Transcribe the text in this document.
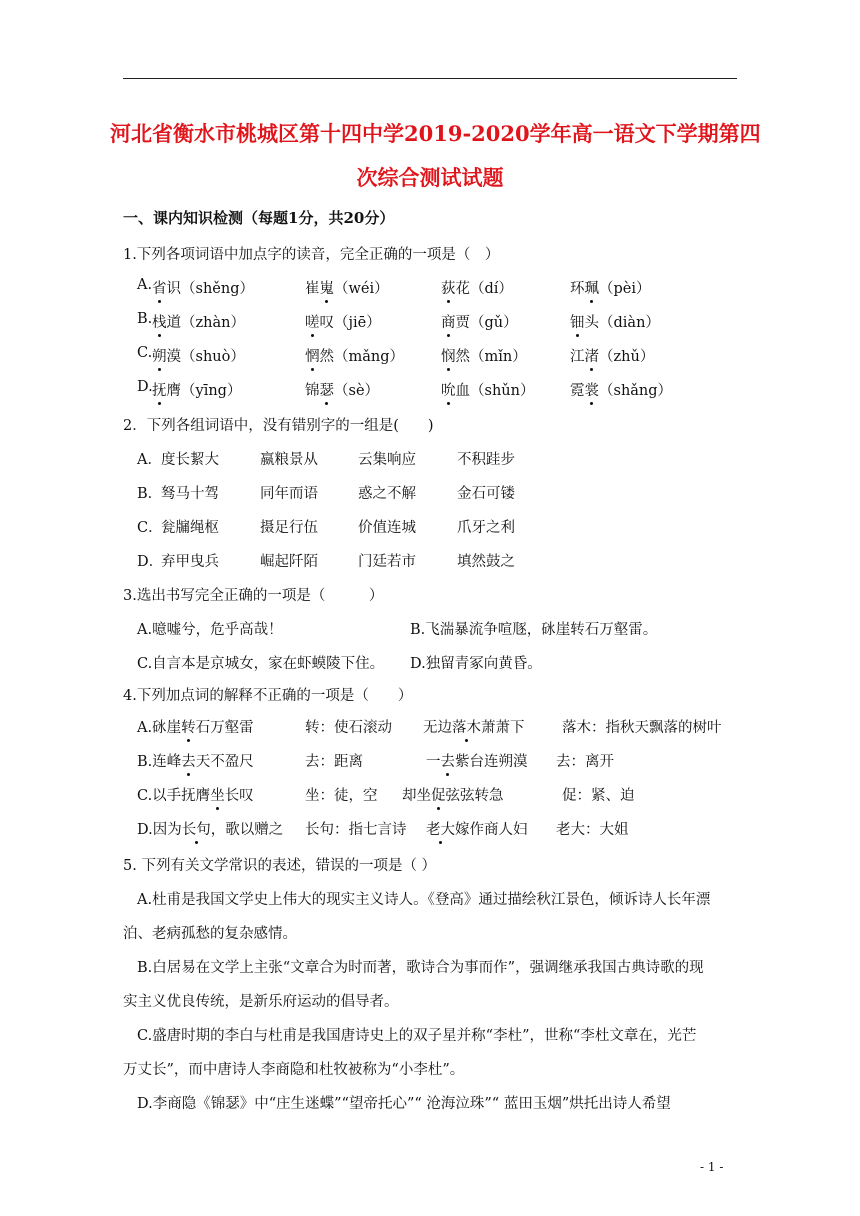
河北省衡水市桃城区第十四中学2019-2020学年高一语文下学期第四
次综合测试试题
一、课内知识检测（每题1分，共20分）
1.下列各项词语中加点字的读音，完全正确的一项是（　）
A. 省识（shěng）	崔嵬（wéi）	荻花（dí）	环珮（pèi）
B. 栈道（zhàn）	嗟叹（jiē）	商贾（gǔ）	钿头（diàn）
C. 朔漠（shuò）	惘然（mǎng）	悯然（mǐn）	江渚（zhǔ）
D. 抚膺（yīng）	锦瑟（sè）	吮血（shǔn） 霓裳（shǎng）
2．下列各组词语中，没有错别字的一组是(　　)
A． 度长絜大	嬴粮景从	云集响应	不积跬步
B．
驽马十驾	同年而语	惑之不解	金石可镂
C．
瓮牖绳枢	摄足行伍	价值连城	爪牙之利
D．
弃甲曳兵	崛起阡陌	门廷若市	填然鼓之
3.选出书写完全正确的一项是（　　　）
A.噫嘘兮，危乎高哉！	B.飞湍暴流争喧豗，砯崖转石万壑雷。
C.自言本是京城女，家在虾蟆陵下住。 D.独留青冢向黄昏。
4.下列加点词的解释不正确的一项是（　　）
A.砯崖转石万壑雷	转：使石滚动 无边落木萧萧下	落木：指秋天飘落的树叶
B.连峰去天不盈尺	去：距离	一去紫台连朔漠 去：离开
C.以手抚膺坐长叹	坐：徒，空 却坐促弦弦转急	促：紧、迫
D.因为长句，歌以赠之 长句：指七言诗 老大嫁作商人妇 老大：大姐
5. 下列有关文学常识的表述，错误的一项是（ ）
A.杜甫是我国文学史上伟大的现实主义诗人。《登高》通过描绘秋江景色，倾诉诗人长年漂
泊、老病孤愁的复杂感情。
B.白居易在文学上主张“文章合为时而著，歌诗合为事而作”，强调继承我国古典诗歌的现
实主义优良传统，是新乐府运动的倡导者。
C.盛唐时期的李白与杜甫是我国唐诗史上的双子星并称“李杜”，世称“李杜文章在，光芒
万丈长”，而中唐诗人李商隐和杜牧被称为“小李杜”。
D.李商隐《锦瑟》中“庄生迷蝶”“望帝托心”“ 沧海泣珠”“ 蓝田玉烟”烘托出诗人希望
- 1 -
